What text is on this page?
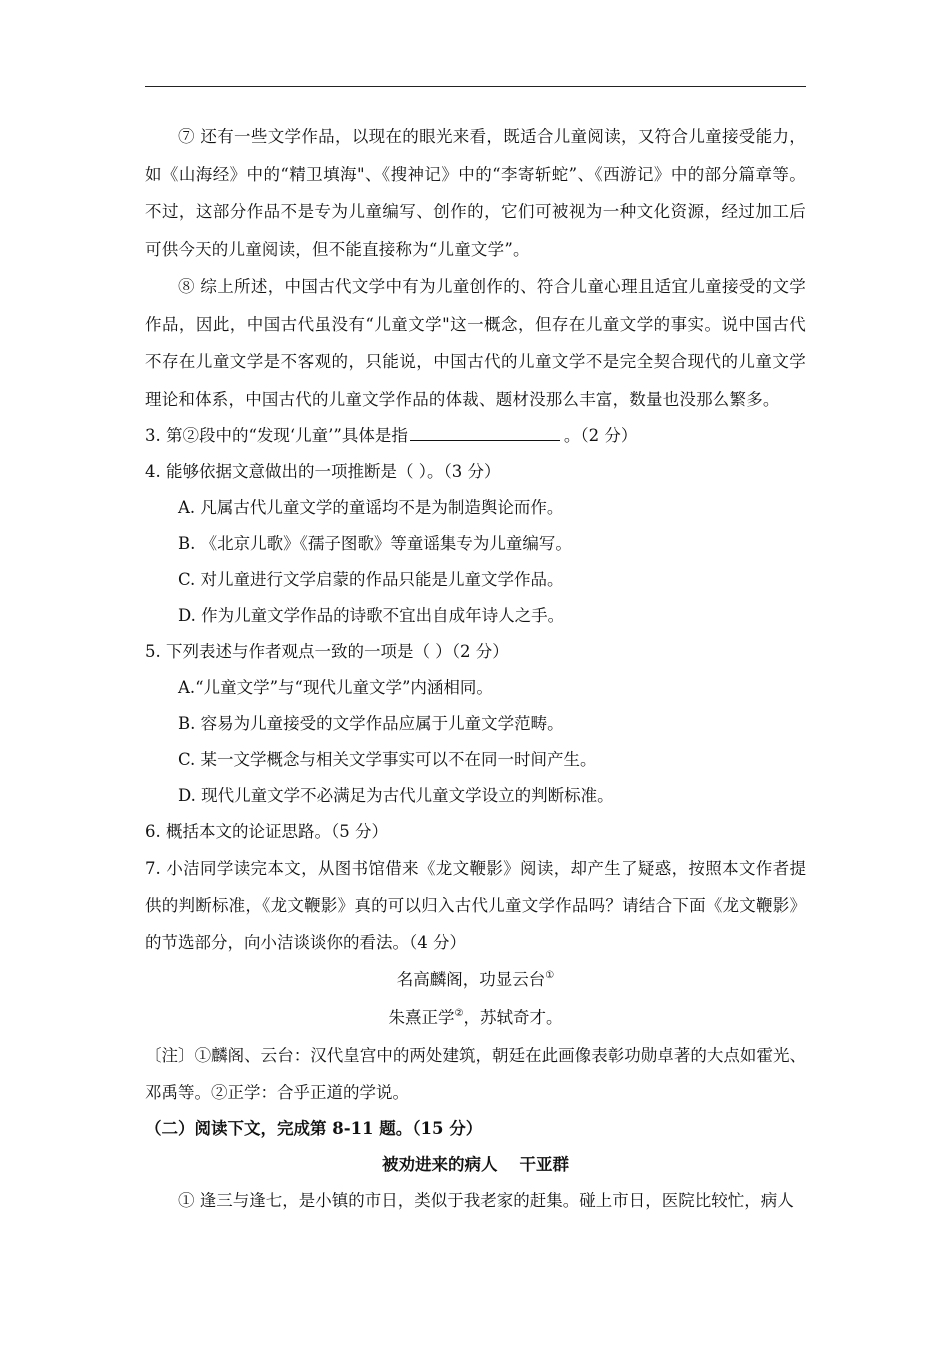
⑦ 还有一些文学作品，以现在的眼光来看，既适合儿童阅读，又符合儿童接受能力，如《山海经》中的“精卫填海"、《搜神记》中的“李寄斩蛇”、《西游记》中的部分篇章等。不过，这部分作品不是专为儿童编写、创作的，它们可被视为一种文化资源，经过加工后可供今天的儿童阅读，但不能直接称为“儿童文学”。

⑧ 综上所述，中国古代文学中有为儿童创作的、符合儿童心理且适宜儿童接受的文学作品，因此，中国古代虽没有“儿童文学"这一概念，但存在儿童文学的事实。说中国古代不存在儿童文学是不客观的，只能说，中国古代的儿童文学不是完全契合现代的儿童文学理论和体系，中国古代的儿童文学作品的体裁、题材没那么丰富，数量也没那么繁多。

3. 第②段中的“发现‘儿童’”具体是指	。（2 分）

4. 能够依据文意做出的一项推断是（ ）。（3 分）

A. 凡属古代儿童文学的童谣均不是为制造舆论而作。

B. 《北京儿歌》《孺子图歌》等童谣集专为儿童编写。

C. 对儿童进行文学启蒙的作品只能是儿童文学作品。

D. 作为儿童文学作品的诗歌不宜出自成年诗人之手。

5. 下列表述与作者观点一致的一项是（ ）（2 分）

A.“儿童文学”与“现代儿童文学”内涵相同。

B. 容易为儿童接受的文学作品应属于儿童文学范畴。

C. 某一文学概念与相关文学事实可以不在同一时间产生。

D. 现代儿童文学不必满足为古代儿童文学设立的判断标准。

6. 概括本文的论证思路。（5 分）

7. 小洁同学读完本文，从图书馆借来《龙文鞭影》阅读，却产生了疑惑，按照本文作者提供的判断标准，《龙文鞭影》真的可以归入古代儿童文学作品吗？请结合下面《龙文鞭影》的节选部分，向小洁谈谈你的看法。（4 分）

名高麟阁，功显云台①

朱熹正学②，苏轼奇才。

〔注〕①麟阁、云台：汉代皇宫中的两处建筑，朝廷在此画像表彰功勋卓著的大点如霍光、邓禹等。②正学：合乎正道的学说。

（二）阅读下文，完成第 8-11 题。（15 分）

被劝进来的病人 干亚群

① 逢三与逢七，是小镇的市日，类似于我老家的赶集。碰上市日，医院比较忙，病人
